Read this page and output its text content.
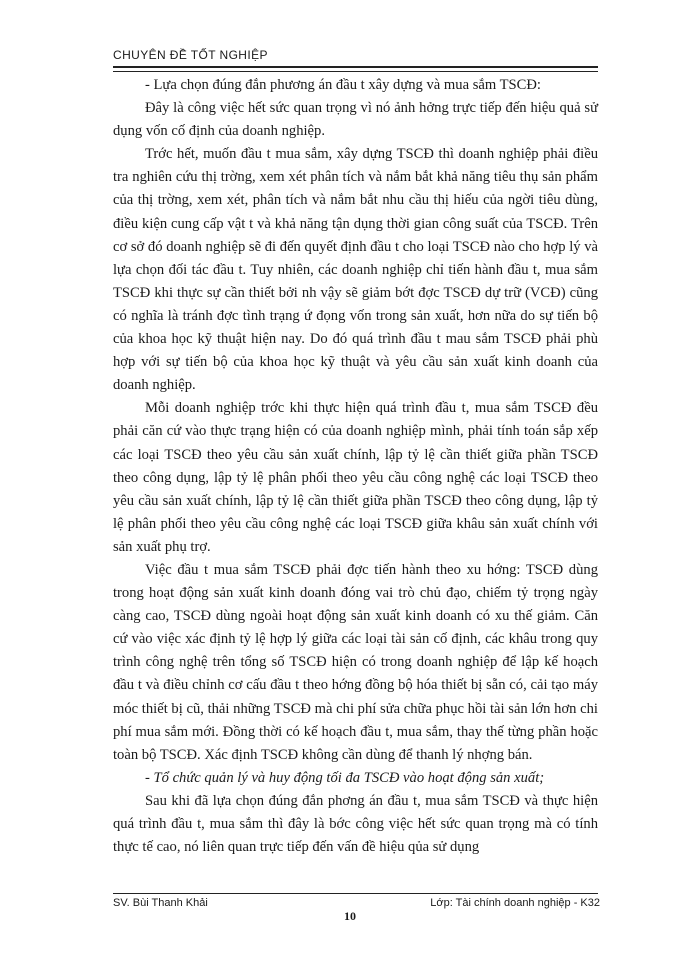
CHUYÊN ĐỀ TỐT NGHIỆP

- Lựa chọn đúng đắn phương án đầu t xây dựng và mua sắm TSCĐ:

Đây là công việc hết sức quan trọng vì nó ảnh hởng trực tiếp đến hiệu quả sử dụng vốn cố định của doanh nghiệp.

Trớc hết, muốn đầu t mua sắm, xây dựng TSCĐ thì doanh nghiệp phải điều tra nghiên cứu thị trờng, xem xét phân tích và nắm bắt khả năng tiêu thụ sản phẩm của thị trờng, xem xét, phân tích và nắm bắt nhu cầu thị hiếu của ngời tiêu dùng, điều kiện cung cấp vật t và khả năng tận dụng thời gian công suất của TSCĐ. Trên cơ sở đó doanh nghiệp sẽ đi đến quyết định đầu t cho loại TSCĐ nào cho hợp lý và lựa chọn đối tác đầu t. Tuy nhiên, các doanh nghiệp chỉ tiến hành đầu t, mua sắm TSCĐ khi thực sự cần thiết bởi nh vậy sẽ giảm bớt đợc TSCĐ dự trữ (VCĐ) cũng có nghĩa là tránh đợc tình trạng ứ đọng vốn trong sản xuất, hơn nữa do sự tiến bộ của khoa học kỹ thuật hiện nay. Do đó quá trình đầu t mau sắm TSCĐ phải phù hợp với sự tiến bộ của khoa học kỹ thuật và yêu cầu sản xuất kinh doanh của doanh nghiệp.

Mỗi doanh nghiệp trớc khi thực hiện quá trình đầu t, mua sắm TSCĐ đều phải căn cứ vào thực trạng hiện có của doanh nghiệp mình, phải tính toán sắp xếp các loại TSCĐ theo yêu cầu sản xuất chính, lập tỷ lệ cần thiết giữa phần TSCĐ theo công dụng, lập tỷ lệ phân phối theo yêu cầu công nghệ các loại TSCĐ theo yêu cầu sản xuất chính, lập tỷ lệ cần thiết giữa phần TSCĐ theo công dụng, lập tỷ lệ phân phối theo yêu cầu công nghệ các loại TSCĐ giữa khâu sản xuất chính với sản xuất phụ trợ.

Việc đầu t mua sắm TSCĐ phải đợc tiến hành theo xu hớng: TSCĐ dùng trong hoạt động sản xuất kinh doanh đóng vai trò chủ đạo, chiếm tỷ trọng ngày càng cao, TSCĐ dùng ngoài hoạt động sản xuất kinh doanh có xu thế giảm. Căn cứ vào việc xác định tỷ lệ hợp lý giữa các loại tài sản cố định, các khâu trong quy trình công nghệ trên tổng số TSCĐ hiện có trong doanh nghiệp để lập kế hoạch đầu t và điều chỉnh cơ cấu đầu t theo hớng đồng bộ hóa thiết bị sẵn có, cải tạo máy móc thiết bị cũ, thải những TSCĐ mà chi phí sửa chữa phục hồi tài sản lớn hơn chi phí mua sắm mới. Đồng thời có kế hoạch đầu t, mua sắm, thay thế từng phần hoặc toàn bộ TSCĐ. Xác định TSCĐ không cần dùng để thanh lý nhợng bán.

- Tổ chức quản lý và huy động tối đa TSCĐ vào hoạt động sản xuất;

Sau khi đã lựa chọn đúng đắn phơng án đầu t, mua sắm TSCĐ và thực hiện quá trình đầu t, mua sắm thì đây là bớc công việc hết sức quan trọng mà có tính thực tế cao, nó liên quan trực tiếp đến vấn đề hiệu qủa sử dụng

SV. Bùi Thanh Khải	Lớp: Tài chính doanh nghiệp - K32
10
